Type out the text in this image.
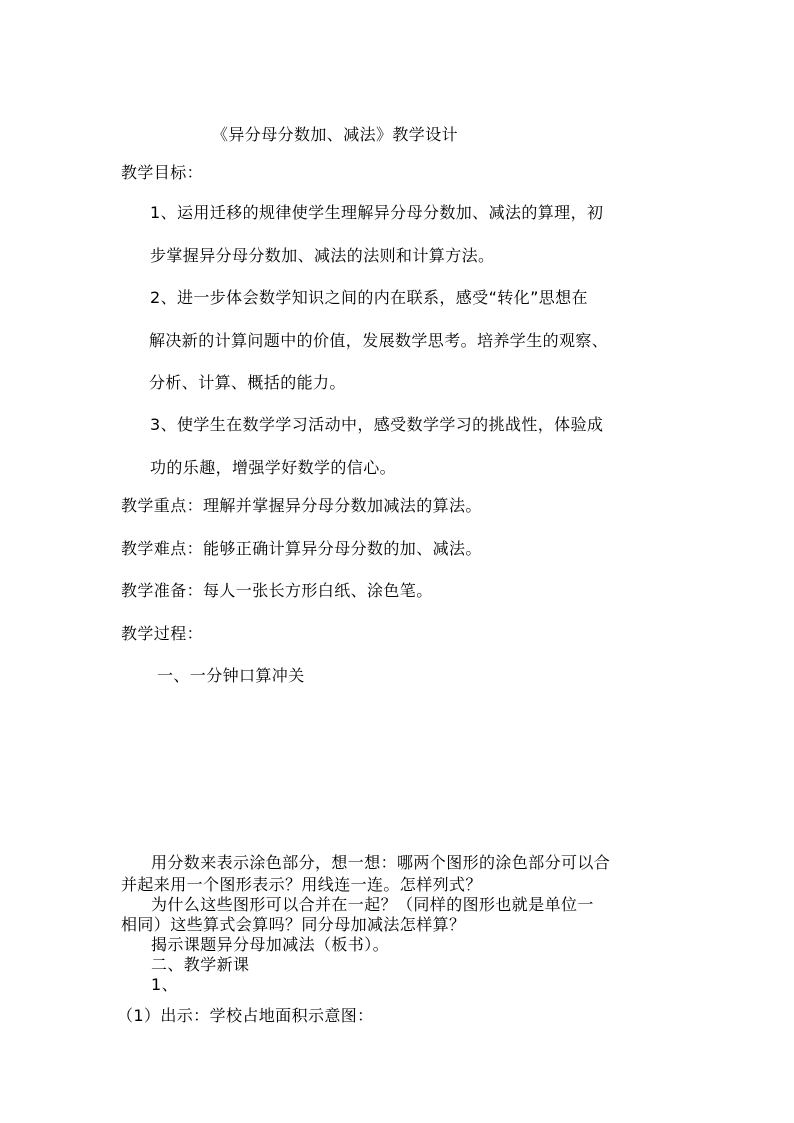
《异分母分数加、减法》教学设计
教学目标：
1、运用迁移的规律使学生理解异分母分数加、减法的算理，初
步掌握异分母分数加、减法的法则和计算方法。
2、进一步体会数学知识之间的内在联系，感受“转化”思想在
解决新的计算问题中的价值，发展数学思考。培养学生的观察、
分析、计算、概括的能力。
3、使学生在数学学习活动中，感受数学学习的挑战性，体验成
功的乐趣，增强学好数学的信心。
教学重点：理解并掌握异分母分数加减法的算法。
教学难点：能够正确计算异分母分数的加、减法。
教学准备：每人一张长方形白纸、涂色笔。
教学过程：
一、一分钟口算冲关
用分数来表示涂色部分，想一想：哪两个图形的涂色部分可以合
并起来用一个图形表示？用线连一连。怎样列式？
为什么这些图形可以合并在一起？（同样的图形也就是单位一
相同）这些算式会算吗？同分母加减法怎样算？
揭示课题异分母加减法（板书）。
二、教学新课
1、
（1）出示：学校占地面积示意图：
